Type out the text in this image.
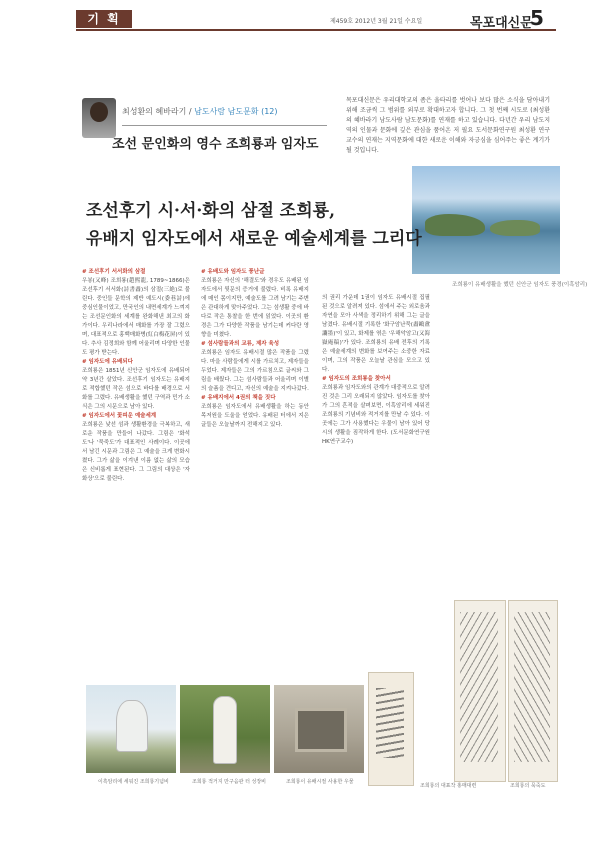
기 획	제459호 2012년 3월 21일 수요일	목포대신문
5
최성환의 혜바라기 / 남도사람 남도문화 (12)
조선 문인화의 영수 조희룡과 임자도
목포대신문은 우리대학교의 좀은 울타리를 벗어나 보다 많은 소식을 담아내기 위해 조금씩 그 범위를 외부로 확대하고자 합니다. 그 첫 번째 시도로 (최성환의 혜바라기 남도사람 남도문화)를 연재를 하고 있습니다. 다년간 우리 남도지역의 인물과 문화에 깊은 관심을 품어온 저 필요 도서문화연구원 최성환 연구교수의 연재는 지역문화에 대한 새로운 이해와 자긍심을 심어주는 좋은 계기가 될 것입니다.
조희룡이 유배생활을 했던 신안군 임자도 풍경(이흑암리)
조선후기 시·서·화의 삼절 조희룡,
유배지 임자도에서 새로운 예술세계를 그리다
# 조선후기 서서화의 삼절
우봉(又峰) 조희룡(趙熙龍, 1789~1866)은 조선후기 서서화(詩書畵)의 삼절(三絶)로 불린다. 중인들 문학의 제반 예도시(委巷詩)에 중심인물이었고, 만국인의 내면세계가 느껴지는 조선문인화의 세계를 완화해낸 최고의 화가이다. 우리나라에서 매화를 가장 잘 그렸으며, 대표적으로 홍백매화병(紅白梅花屛)이 있다. 추사 김정희와 함께 어울리며 다양한 인물도 평가 받는다.
# 임자도에 유배되다
조희룡은 1851년 신안군 임자도에 유배되어 약 3년간 살았다. 조선후기 임자도는 유배지로 적합했던 작은 섬으로 바다를 배경으로 서화를 그렸다. 유배생활을 했던 구역과 민가 소식은 그의 시문으로 남아 있다.
# 임자도에서 꽃피운 예술세계
조희룡은 낯선 섬과 생활환경을 극복하고, 새로운 작품을 만들어 나갔다. 그림은 '화석도'나 '묵죽도'가 대표적인 사례이다. 이곳에서 남긴 시문과 그림은 그 예술을 크게 변화시켰다. 그가 삶을 이겨낸 이름 없는 삶의 모습은 신비롭게 표현된다. 그 그림의 대상은 '자화상'으로 불린다.
# 유배도와 임자도 풍난글
조희룡은 자신의 '해결도'와 경우도 유배된 임자도에서 뒷문의 증거에 불렸다. 비록 유배지에 매인 몸이지만, 예술도를 그려 남기는 주변은 관대하게 맞아주었다. 그는 섬생활 중에 바다로 작은 통찰을 한 번에 읽었다. 이곳의 환경은 그가 다양한 작품을 남기는데 커다란 영향을 미쳤다.
# 섬사람들과의 교류, 제자 육성
조희룡은 임자도 유배시절 많은 작품을 그렸다. 마을 사람들에게 시를 가르치고, 제자들을 두었다. 제자들은 그의 가르침으로 글씨와 그림을 배웠다. 그는 섬사람들과 어울리며 이별의 슬픔을 견디고, 자신의 예술을 지켜나갔다.
# 유배지에서 4권의 책을 짓다
조희룡은 임자도에서 유배생활을 하는 동안 목저원을 도울을 얻었다. 유배된 터에서 지은 글들은 오늘날까지 전해지고 있다.
의 권리 가운데 1권이 임자도 유배시절 집필된 것으로 알려져 있다. 섬에서 주는 외로움과 자연을 모아 사색을 정리하기 위해 그는 글을 남겼다. 유배시절 기록한 '화구암난묵(畵鷗盦讕墨)'이 있고, 화제를 엮은 '우해악암고(又海嶽庵稿)'가 있다. 조희룡의 유배 전후의 기록은 예술세계의 변화를 보여주는 소중한 자료이며, 그의 작품은 오늘날 관심을 모으고 있다.
# 임자도의 조희룡을 찾아서
조희룡과 임자도와의 관계가 대중적으로 알려진 것은 그리 오래되지 않았다. 임자도를 찾아가 그의 흔적을 살펴보면, 이흑암리에 세워진 조희룡의 기념비와 적거지를 만날 수 있다. 이곳에는 그가 사용했다는 우물이 남아 있어 당시의 생활을 짐작하게 한다. (도서문화연구원 HK연구교수)
이흑암리에 세워진 조희룡기념비	조희룡 적거지 만구음관 터 성장비	조희룡이 유배시절 사용한 우물
조희룡의 대표작 홍매대련	조희룡의 묵죽도
